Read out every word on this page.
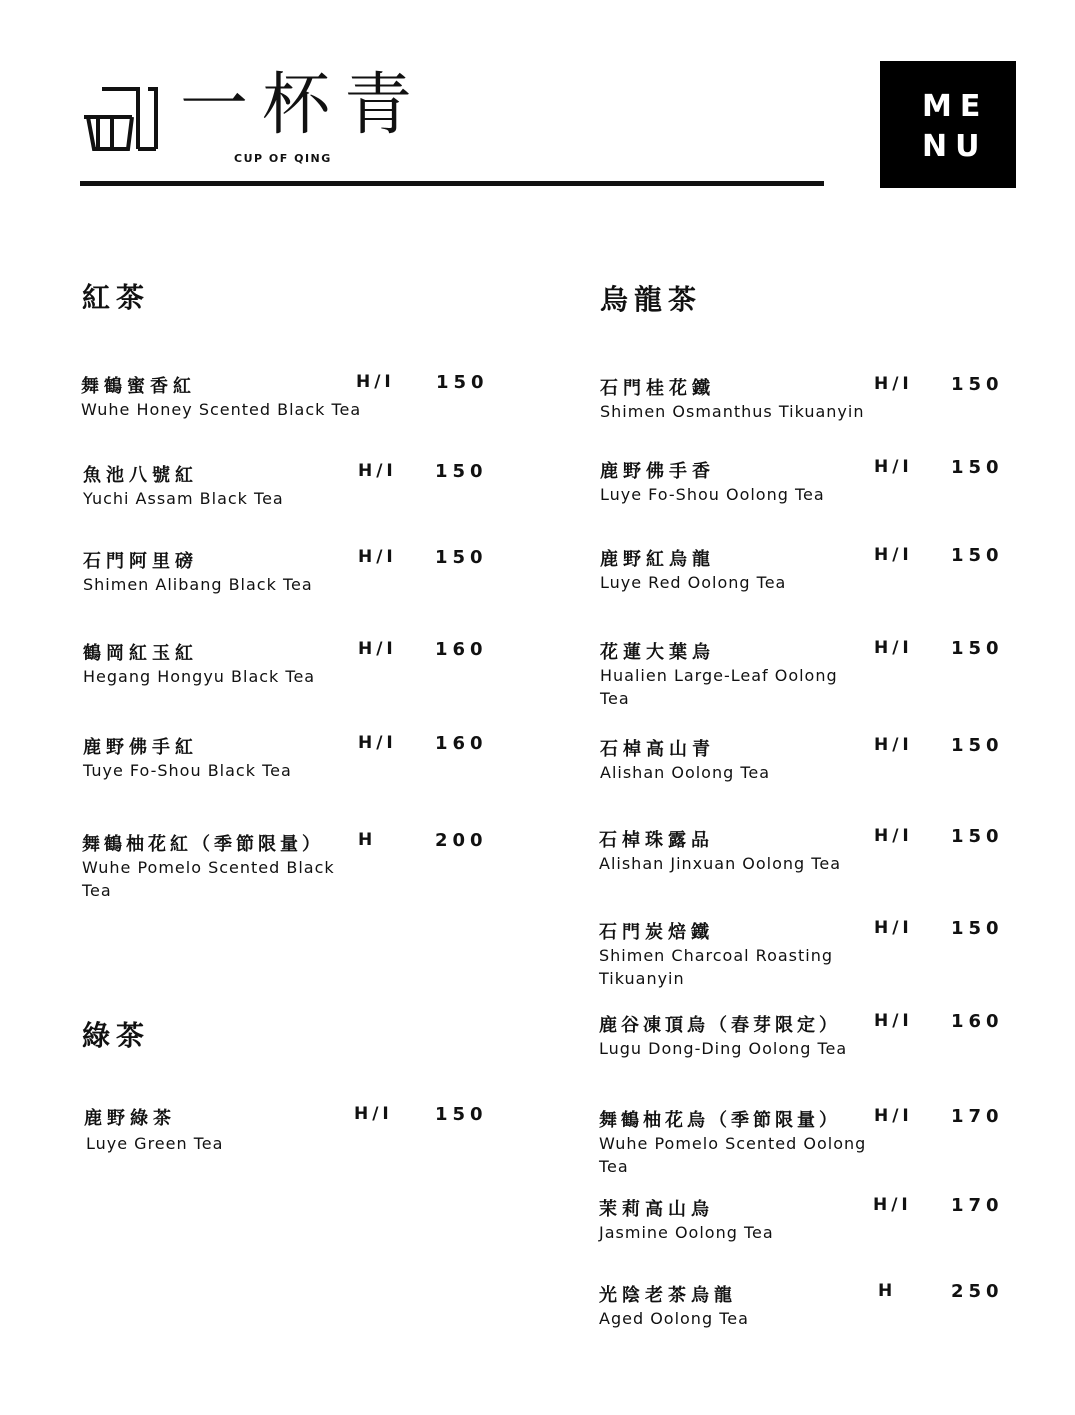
一杯青
CUP OF QING
ME
NU
紅茶
舞鶴蜜香紅
Wuhe Honey Scented Black Tea
H/I 150
魚池八號紅
Yuchi Assam Black Tea
H/I 150
石門阿里磅
Shimen Alibang Black Tea
H/I 150
鶴岡紅玉紅
Hegang Hongyu Black Tea
H/I 160
鹿野佛手紅
Tuye Fo-Shou Black Tea
H/I 160
舞鶴柚花紅（季節限量）
Wuhe Pomelo Scented Black Tea
H	200
綠茶
鹿野綠茶
Luye Green Tea
H/I 150
烏龍茶
石門桂花鐵
Shimen Osmanthus Tikuanyin
H/I 150
鹿野佛手香
Luye Fo-Shou Oolong Tea
H/I 150
鹿野紅烏龍
Luye Red Oolong Tea
H/I 150
花蓮大葉烏
Hualien Large-Leaf Oolong Tea
H/I 150
石棹高山青
Alishan Oolong Tea
H/I 150
石棹珠露品
Alishan Jinxuan Oolong Tea
H/I 150
石門炭焙鐵
Shimen Charcoal Roasting Tikuanyin
H/I 150
鹿谷凍頂烏（春芽限定）
Lugu Dong-Ding Oolong Tea
H/I 160
舞鶴柚花烏（季節限量）
Wuhe Pomelo Scented Oolong Tea
H/I 170
茉莉高山烏
Jasmine Oolong Tea
H/I 170
光陰老茶烏龍
Aged Oolong Tea
H	250
